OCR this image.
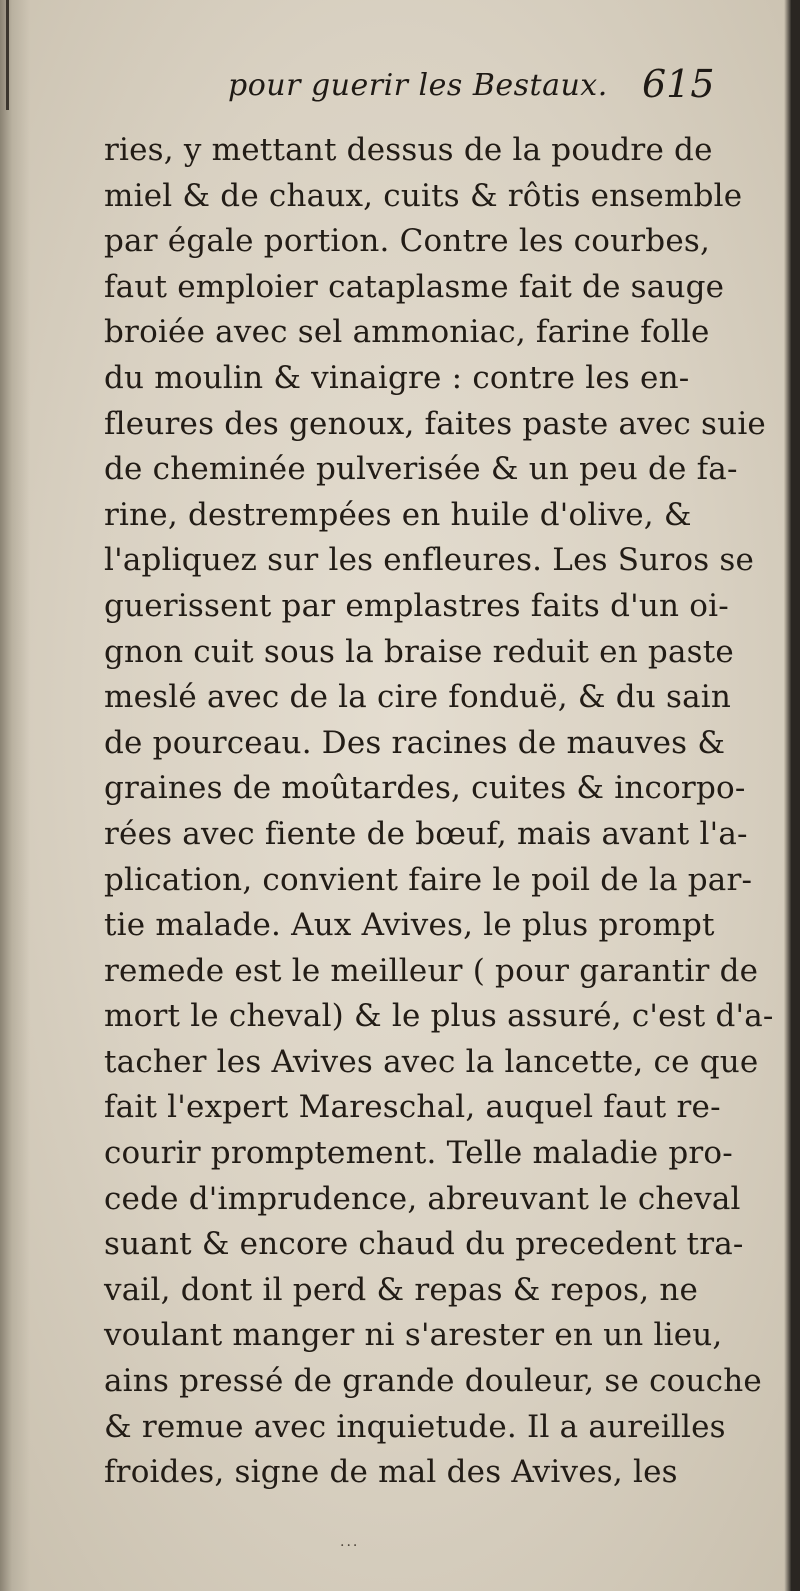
pour guerir les Bestaux. 615
ries, y mettant dessus de la poudre de
miel & de chaux, cuits & rôtis ensemble
par égale portion. Contre les courbes,
faut emploier cataplasme fait de sauge
broiée avec sel ammoniac, farine folle
du moulin & vinaigre : contre les en-
fleures des genoux, faites paste avec suie
de cheminée pulverisée & un peu de fa-
rine, destrempées en huile d'olive, &
l'apliquez sur les enfleures. Les Suros se
guerissent par emplastres faits d'un oi-
gnon cuit sous la braise reduit en paste
meslé avec de la cire fonduë, & du sain
de pourceau. Des racines de mauves &
graines de moûtardes, cuites & incorpo-
rées avec fiente de bœuf, mais avant l'a-
plication, convient faire le poil de la par-
tie malade. Aux Avives, le plus prompt
remede est le meilleur ( pour garantir de
mort le cheval) & le plus assuré, c'est d'a-
tacher les Avives avec la lancette, ce que
fait l'expert Mareschal, auquel faut re-
courir promptement. Telle maladie pro-
cede d'imprudence, abreuvant le cheval
suant & encore chaud du precedent tra-
vail, dont il perd & repas & repos, ne
voulant manger ni s'arester en un lieu,
ains pressé de grande douleur, se couche
& remue avec inquietude. Il a aureilles
froides, signe de mal des Avives, les
...
